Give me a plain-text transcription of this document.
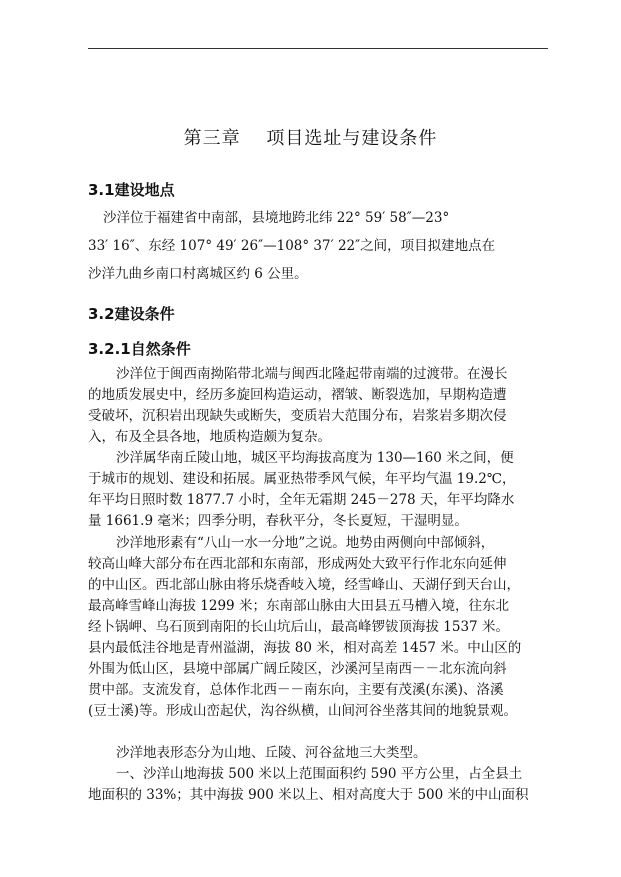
第三章　 项目选址与建设条件
3.1建设地点
沙洋位于福建省中南部，县境地跨北纬 22° 59′ 58″—23°
33′ 16″、东经 107° 49′ 26″—108° 37′ 22″之间，项目拟建地点在
沙洋九曲乡南口村离城区约 6 公里。
3.2建设条件
3.2.1自然条件
沙洋位于闽西南拗陷带北端与闽西北隆起带南端的过渡带。在漫长
的地质发展史中，经历多旋回构造运动，褶皱、断裂选加，早期构造遭
受破坏，沉积岩出现缺失或断失，变质岩大范围分布，岩浆岩多期次侵
入，布及全县各地，地质构造颇为复杂。
沙洋属华南丘陵山地，城区平均海拔高度为 130—160 米之间，便
于城市的规划、建设和拓展。属亚热带季风气候，年平均气温 19.2℃，
年平均日照时数 1877.7 小时，全年无霜期 245－278 天，年平均降水
量 1661.9 毫米；四季分明，春秋平分，冬长夏短，干湿明显。
沙洋地形素有“八山一水一分地”之说。地势由两侧向中部倾斜，
较高山峰大部分布在西北部和东南部，形成两处大致平行作北东向延伸
的中山区。西北部山脉由将乐烧香岐入境，经雪峰山、天湖仔到天台山，
最高峰雪峰山海拔 1299 米；东南部山脉由大田县五马槽入境，往东北
经卜锅岬、乌石顶到南阳的长山坑后山，最高峰锣钹顶海拔 1537 米。
县内最低洼谷地是青州溢湖，海拔 80 米，相对高差 1457 米。中山区的
外围为低山区，县境中部属广阔丘陵区，沙溪河呈南西－－北东流向斜
贯中部。支流发育，总体作北西－－南东向，主要有茂溪(东溪)、洛溪
(豆士溪)等。形成山峦起伏，沟谷纵横，山间河谷坐落其间的地貌景观。
沙洋地表形态分为山地、丘陵、河谷盆地三大类型。
一、沙洋山地海拔 500 米以上范围面积约 590 平方公里，占全县土
地面积的 33%；其中海拔 900 米以上、相对高度大于 500 米的中山面积
